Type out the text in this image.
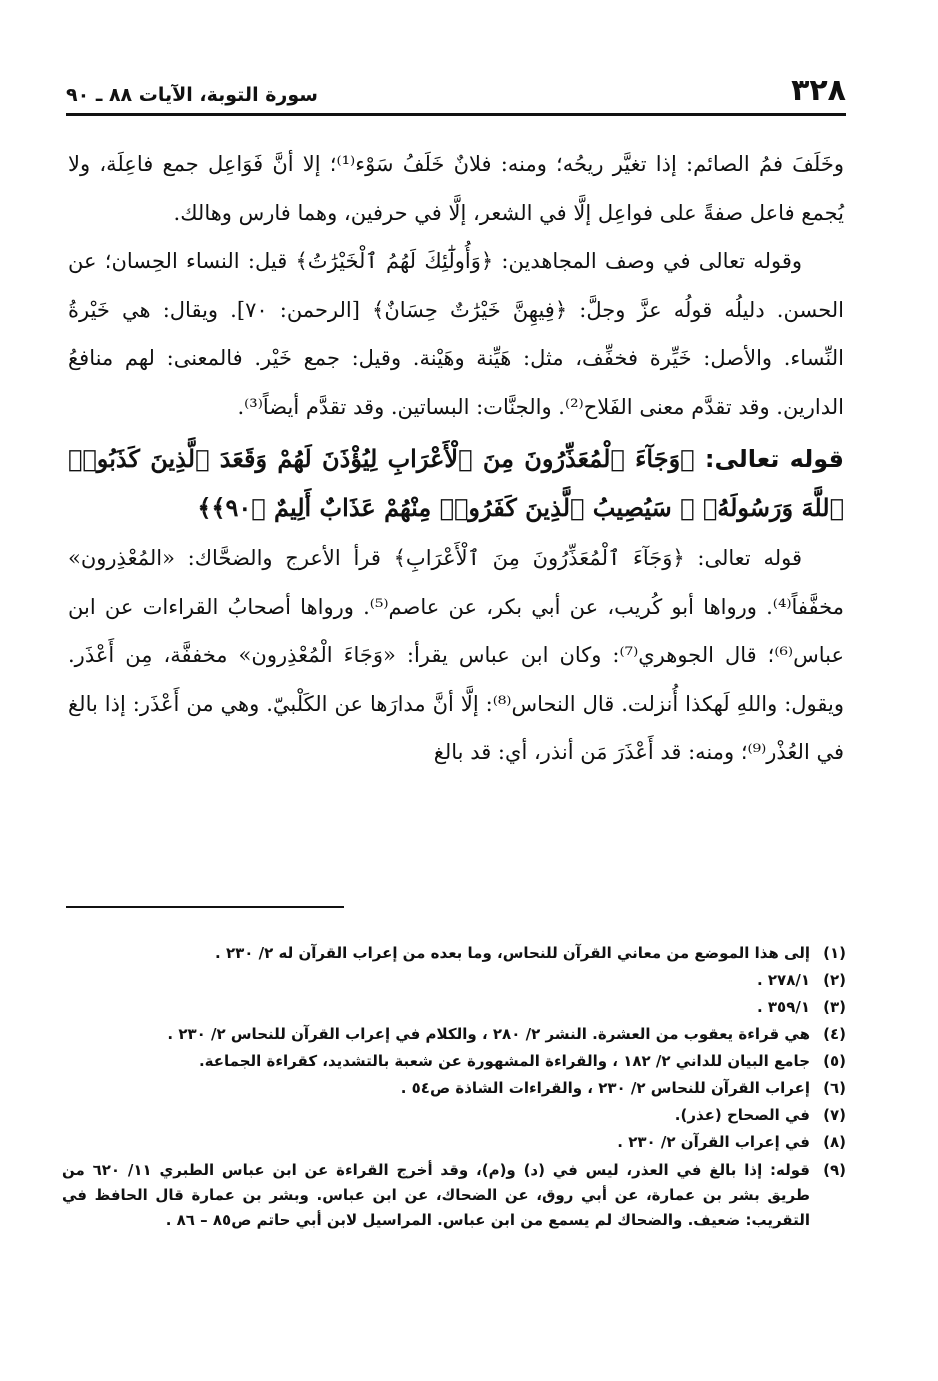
٣٢٨
سورة التوبة، الآيات ٨٨ ـ ٩٠

وخَلَفَ فمُ الصائم: إذا تغيَّر ريحُه؛ ومنه: فلانٌ خَلَفُ سَوْء⁽¹⁾؛ إلا أنَّ فَوَاعِل جمع فاعِلَة، ولا يُجمع فاعل صفةً على فواعِل إلَّا في الشعر، إلَّا في حرفين، وهما فارس وهالك.

وقوله تعالى في وصف المجاهدين: ﴿وَأُولَٰٓئِكَ لَهُمُ ٱلْخَيْرَٰتُ﴾ قيل: النساء الحِسان؛ عن الحسن. دليلُه قولُه عزَّ وجلَّ: ﴿فِيهِنَّ خَيْرَٰتٌ حِسَانٌ﴾ [الرحمن: ٧٠]. ويقال: هي خَيْرةُ النِّساء. والأصل: خَيِّرة فخفِّف، مثل: هَيِّنة وهَيْنة. وقيل: جمع خَيْر. فالمعنى: لهم منافعُ الدارين. وقد تقدَّم معنى الفَلاح⁽²⁾. والجنَّات: البساتين. وقد تقدَّم أيضاً⁽³⁾.

قوله تعالى: ﴿وَجَآءَ ٱلْمُعَذِّرُونَ مِنَ ٱلْأَعْرَابِ لِيُؤْذَنَ لَهُمْ وَقَعَدَ ٱلَّذِينَ كَذَبُوا۟ ٱللَّهَ وَرَسُولَهُۥ ۚ سَيُصِيبُ ٱلَّذِينَ كَفَرُوا۟ مِنْهُمْ عَذَابٌ أَلِيمٌ ﴿٩٠﴾﴾

قوله تعالى: ﴿وَجَآءَ ٱلْمُعَذِّرُونَ مِنَ ٱلْأَعْرَابِ﴾ قرأ الأعرج والضحَّاك: «المُعْذِرون» مخفَّفاً⁽⁴⁾. ورواها أبو كُريب، عن أبي بكر، عن عاصم⁽⁵⁾. ورواها أصحابُ القراءات عن ابن عباس⁽⁶⁾؛ قال الجوهري⁽⁷⁾: وكان ابن عباس يقرأ: «وَجَاءَ الْمُعْذِرون» مخففَّة، مِن أَعْذَر. ويقول: واللهِ لَهكذا أُنزلت. قال النحاس⁽⁸⁾: إلَّا أنَّ مدارَها عن الكَلْبيّ. وهي من أَعْذَر: إذا بالغ في العُذْر⁽⁹⁾؛ ومنه: قد أَعْذَرَ مَن أنذر، أي: قد بالغ

(١)
إلى هذا الموضع من معاني القرآن للنحاس، وما بعده من إعراب القرآن له ٢/ ٢٣٠ .

(٢)
٢٧٨/١ .

(٣)
٣٥٩/١ .

(٤)
هي قراءة يعقوب من العشرة. النشر ٢/ ٢٨٠ ، والكلام في إعراب القرآن للنحاس ٢/ ٢٣٠ .

(٥)
جامع البيان للداني ٢/ ١٨٢ ، والقراءة المشهورة عن شعبة بالتشديد، كقراءة الجماعة.

(٦)
إعراب القرآن للنحاس ٢/ ٢٣٠ ، والقراءات الشاذة ص٥٤ .

(٧)
في الصحاح (عذر).

(٨)
في إعراب القرآن ٢/ ٢٣٠ .

(٩)
قوله: إذا بالغ في العذر، ليس في (د) و(م)، وقد أخرج القراءة عن ابن عباس الطبري ١١/ ٦٢٠ من طريق بشر بن عمارة، عن أبي روق، عن الضحاك، عن ابن عباس. وبشر بن عمارة قال الحافظ في التقريب: ضعيف. والضحاك لم يسمع من ابن عباس. المراسيل لابن أبي حاتم ص٨٥ – ٨٦ .
